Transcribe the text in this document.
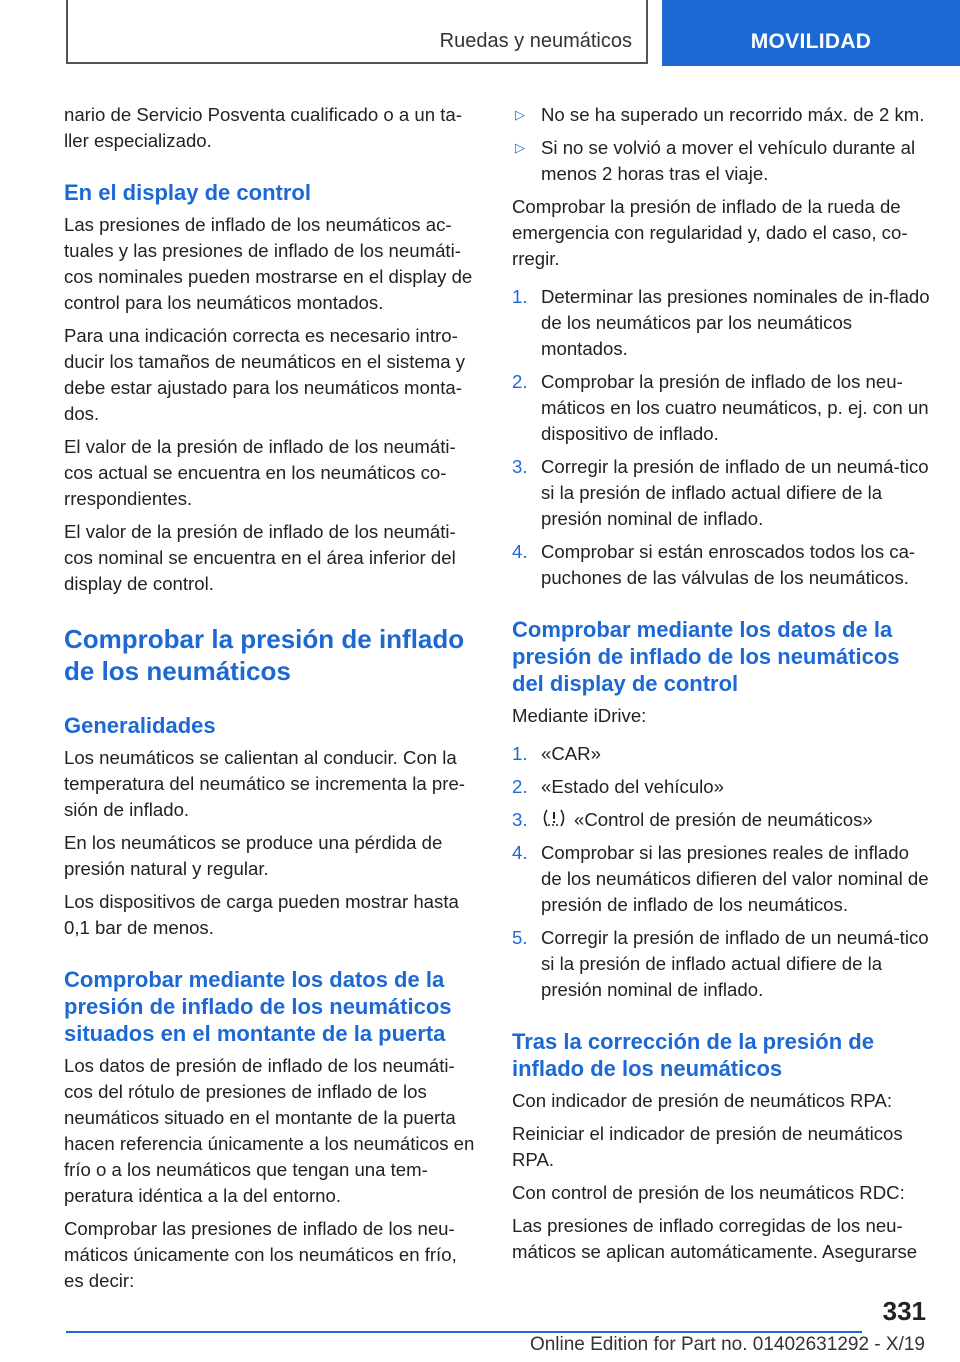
Ruedas y neumáticos	MOVILIDAD

nario de Servicio Posventa cualificado o a un ta-ller especializado.

En el display de control

Las presiones de inflado de los neumáticos ac-tuales y las presiones de inflado de los neumáti-cos nominales pueden mostrarse en el display de control para los neumáticos montados.

Para una indicación correcta es necesario intro-ducir los tamaños de neumáticos en el sistema y debe estar ajustado para los neumáticos monta-dos.

El valor de la presión de inflado de los neumáti-cos actual se encuentra en los neumáticos co-rrespondientes.

El valor de la presión de inflado de los neumáti-cos nominal se encuentra en el área inferior del display de control.

Comprobar la presión de inflado de los neumáticos
Generalidades

Los neumáticos se calientan al conducir. Con la temperatura del neumático se incrementa la pre-sión de inflado.

En los neumáticos se produce una pérdida de presión natural y regular.

Los dispositivos de carga pueden mostrar hasta 0,1 bar de menos.

Comprobar mediante los datos de la presión de inflado de los neumáticos situados en el montante de la puerta

Los datos de presión de inflado de los neumáti-cos del rótulo de presiones de inflado de los neumáticos situado en el montante de la puerta hacen referencia únicamente a los neumáticos en frío o a los neumáticos que tengan una tem-peratura idéntica a la del entorno.

Comprobar las presiones de inflado de los neu-máticos únicamente con los neumáticos en frío, es decir:

▷ No se ha superado un recorrido máx. de 2 km.
▷ Si no se volvió a mover el vehículo durante al menos 2 horas tras el viaje.

Comprobar la presión de inflado de la rueda de emergencia con regularidad y, dado el caso, co-rregir.

1. Determinar las presiones nominales de in-flado de los neumáticos par los neumáticos montados.
2. Comprobar la presión de inflado de los neu-máticos en los cuatro neumáticos, p. ej. con un dispositivo de inflado.
3. Corregir la presión de inflado de un neumá-tico si la presión de inflado actual difiere de la presión nominal de inflado.
4. Comprobar si están enroscados todos los ca-puchones de las válvulas de los neumáticos.
Comprobar mediante los datos de la presión de inflado de los neumáticos del display de control

Mediante iDrive:

1. «CAR»
2. «Estado del vehículo»
3. «Control de presión de neumáticos»
4. Comprobar si las presiones reales de inflado de los neumáticos difieren del valor nominal de presión de inflado de los neumáticos.
5. Corregir la presión de inflado de un neumá-tico si la presión de inflado actual difiere de la presión nominal de inflado.
Tras la corrección de la presión de inflado de los neumáticos

Con indicador de presión de neumáticos RPA:

Reiniciar el indicador de presión de neumáticos RPA.

Con control de presión de los neumáticos RDC:

Las presiones de inflado corregidas de los neu-máticos se aplican automáticamente. Asegurarse

331
Online Edition for Part no. 01402631292 - X/19
